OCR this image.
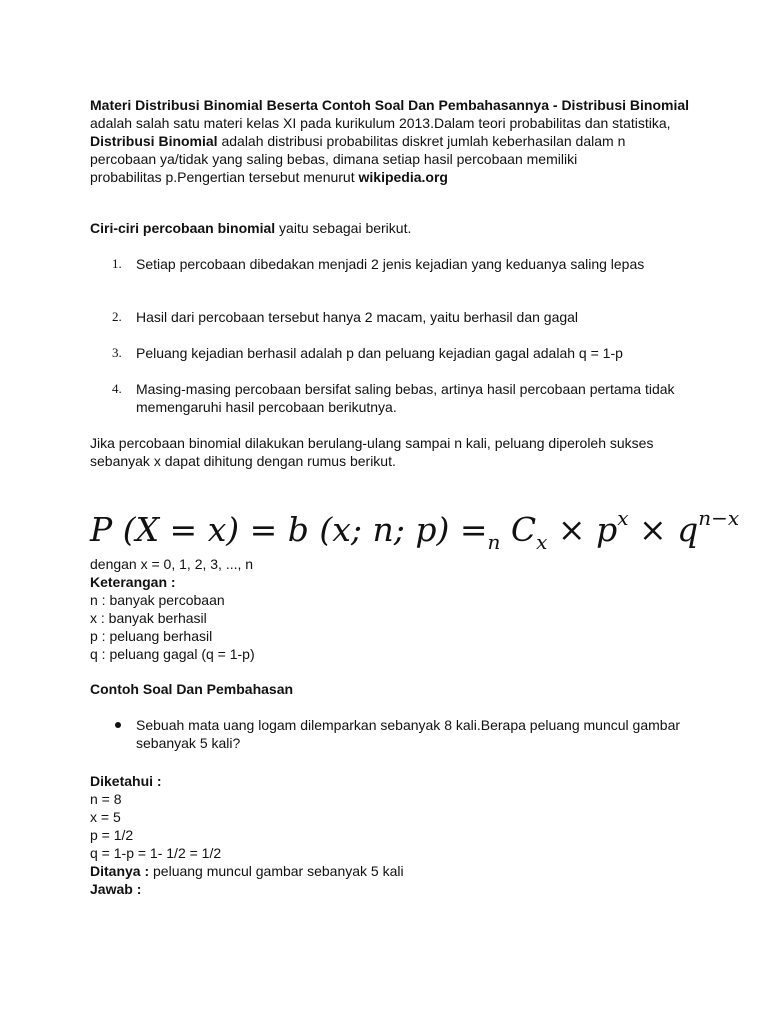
Materi Distribusi Binomial Beserta Contoh Soal Dan Pembahasannya - Distribusi Binomial adalah salah satu materi kelas XI pada kurikulum 2013.Dalam teori probabilitas dan statistika, Distribusi Binomial adalah distribusi probabilitas diskret jumlah keberhasilan dalam n percobaan ya/tidak yang saling bebas, dimana setiap hasil percobaan memiliki

probabilitas p.Pengertian tersebut menurut wikipedia.org

Ciri-ciri percobaan binomial yaitu sebagai berikut.
1. Setiap percobaan dibedakan menjadi 2 jenis kejadian yang keduanya saling lepas
2. Hasil dari percobaan tersebut hanya 2 macam, yaitu berhasil dan gagal
3. Peluang kejadian berhasil adalah p dan peluang kejadian gagal adalah q = 1-p
4. Masing-masing percobaan bersifat saling bebas, artinya hasil percobaan pertama tidak memengaruhi hasil percobaan berikutnya.
Jika percobaan binomial dilakukan berulang-ulang sampai n kali, peluang diperoleh sukses sebanyak x dapat dihitung dengan rumus berikut.
P (X = x) = b (x; n; $p) =_n$ $C_x \times p^x \times q^{n-x}$

dengan x = 0, 1, 2, 3, ..., n

Keterangan :

n : banyak percobaan

x : banyak berhasil

p : peluang berhasil

q : peluang gagal (q = 1-p)

Contoh Soal Dan Pembahasan
Sebuah mata uang logam dilemparkan sebanyak 8 kali.Berapa peluang muncul gambar sebanyak 5 kali?

Diketahui :

n = 8

x = 5

p = 1/2

q = 1-p = 1- 1/2 = 1/2

Ditanya : peluang muncul gambar sebanyak 5 kali

Jawab :
